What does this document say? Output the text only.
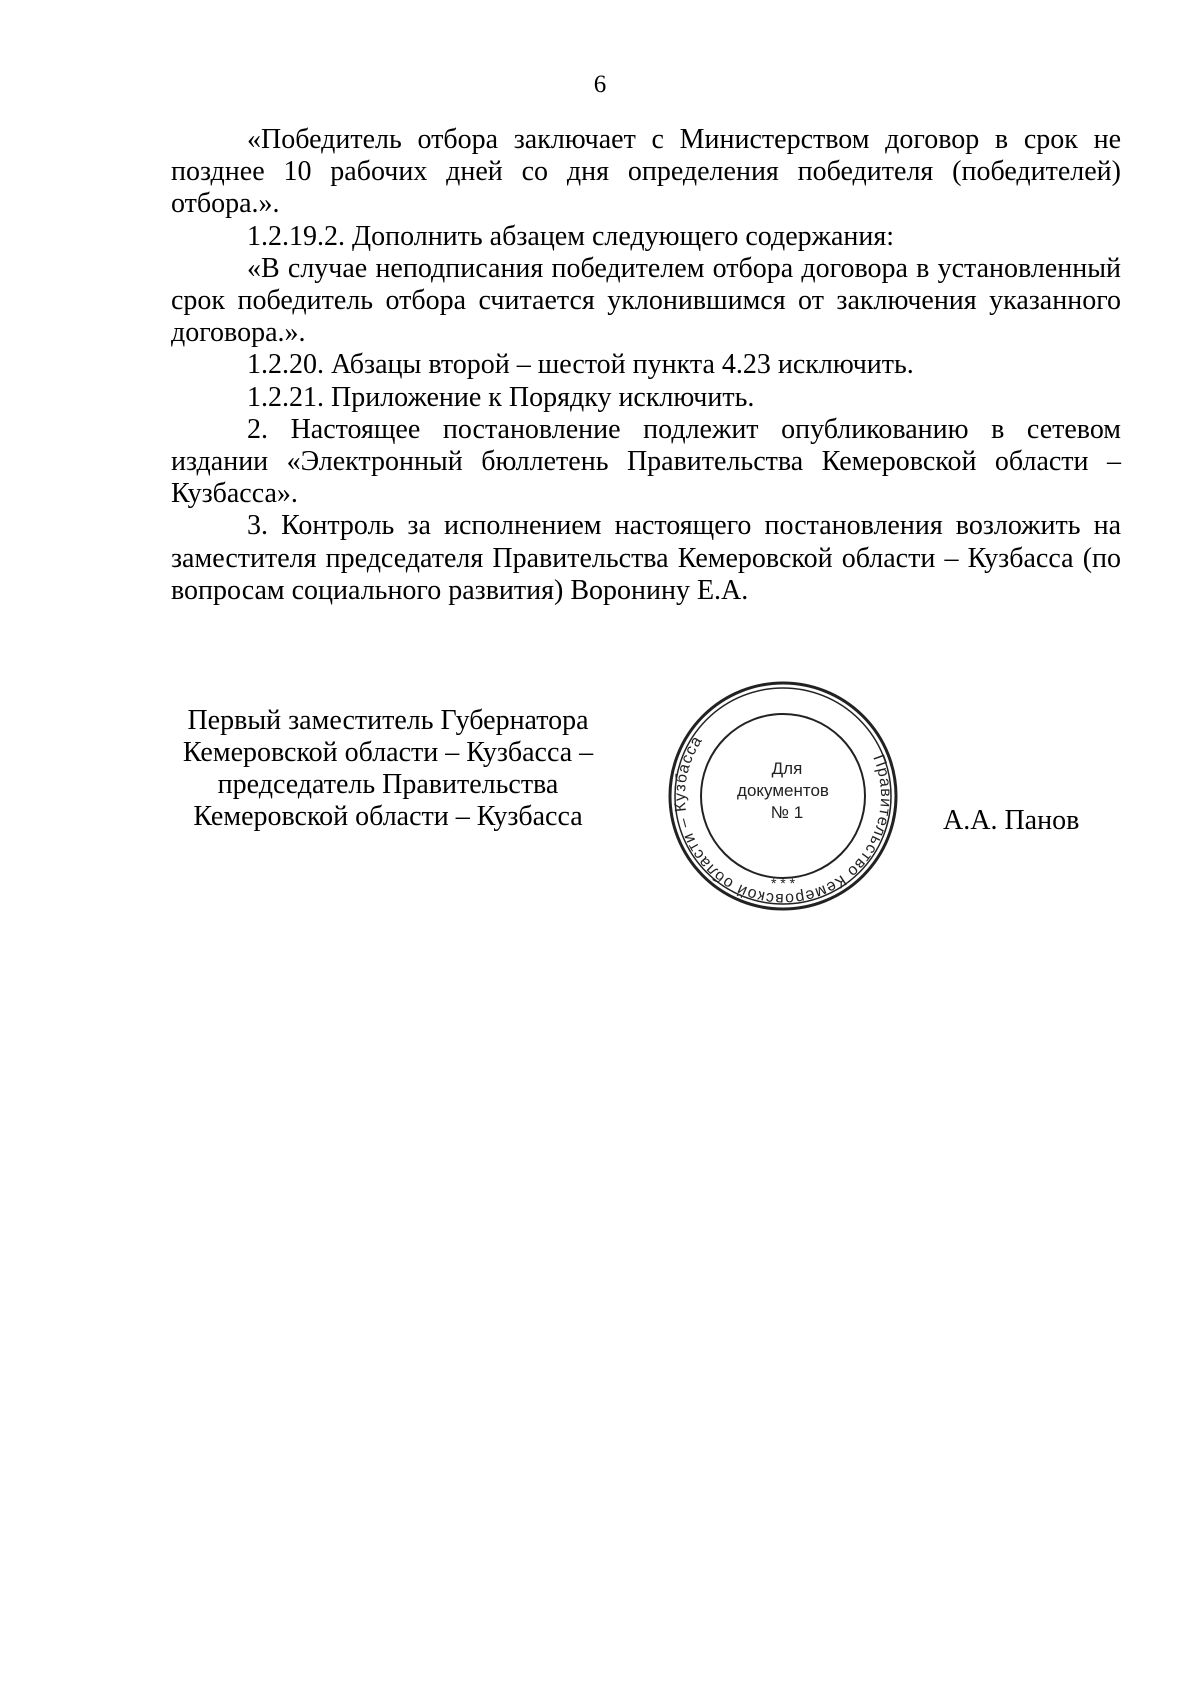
6

«Победитель отбора заключает с Министерством договор в срок не позднее 10 рабочих дней со дня определения победителя (победителей) отбора.».

1.2.19.2. Дополнить абзацем следующего содержания:

«В случае неподписания победителем отбора договора в установленный срок победитель отбора считается уклонившимся от заключения указанного договора.».

1.2.20. Абзацы второй – шестой пункта 4.23 исключить.

1.2.21. Приложение к Порядку исключить.

2. Настоящее постановление подлежит опубликованию в сетевом издании «Электронный бюллетень Правительства Кемеровской области – Кузбасса».

3. Контроль за исполнением настоящего постановления возложить на заместителя председателя Правительства Кемеровской области – Кузбасса (по вопросам социального развития) Воронину Е.А.

Первый заместитель Губернатора
Кемеровской области – Кузбасса –
председатель Правительства
Кемеровской области – Кузбасса
Правительство Кемеровской области – Кузбасса
* * *
Для
документов
№ 1	А.А. Панов
